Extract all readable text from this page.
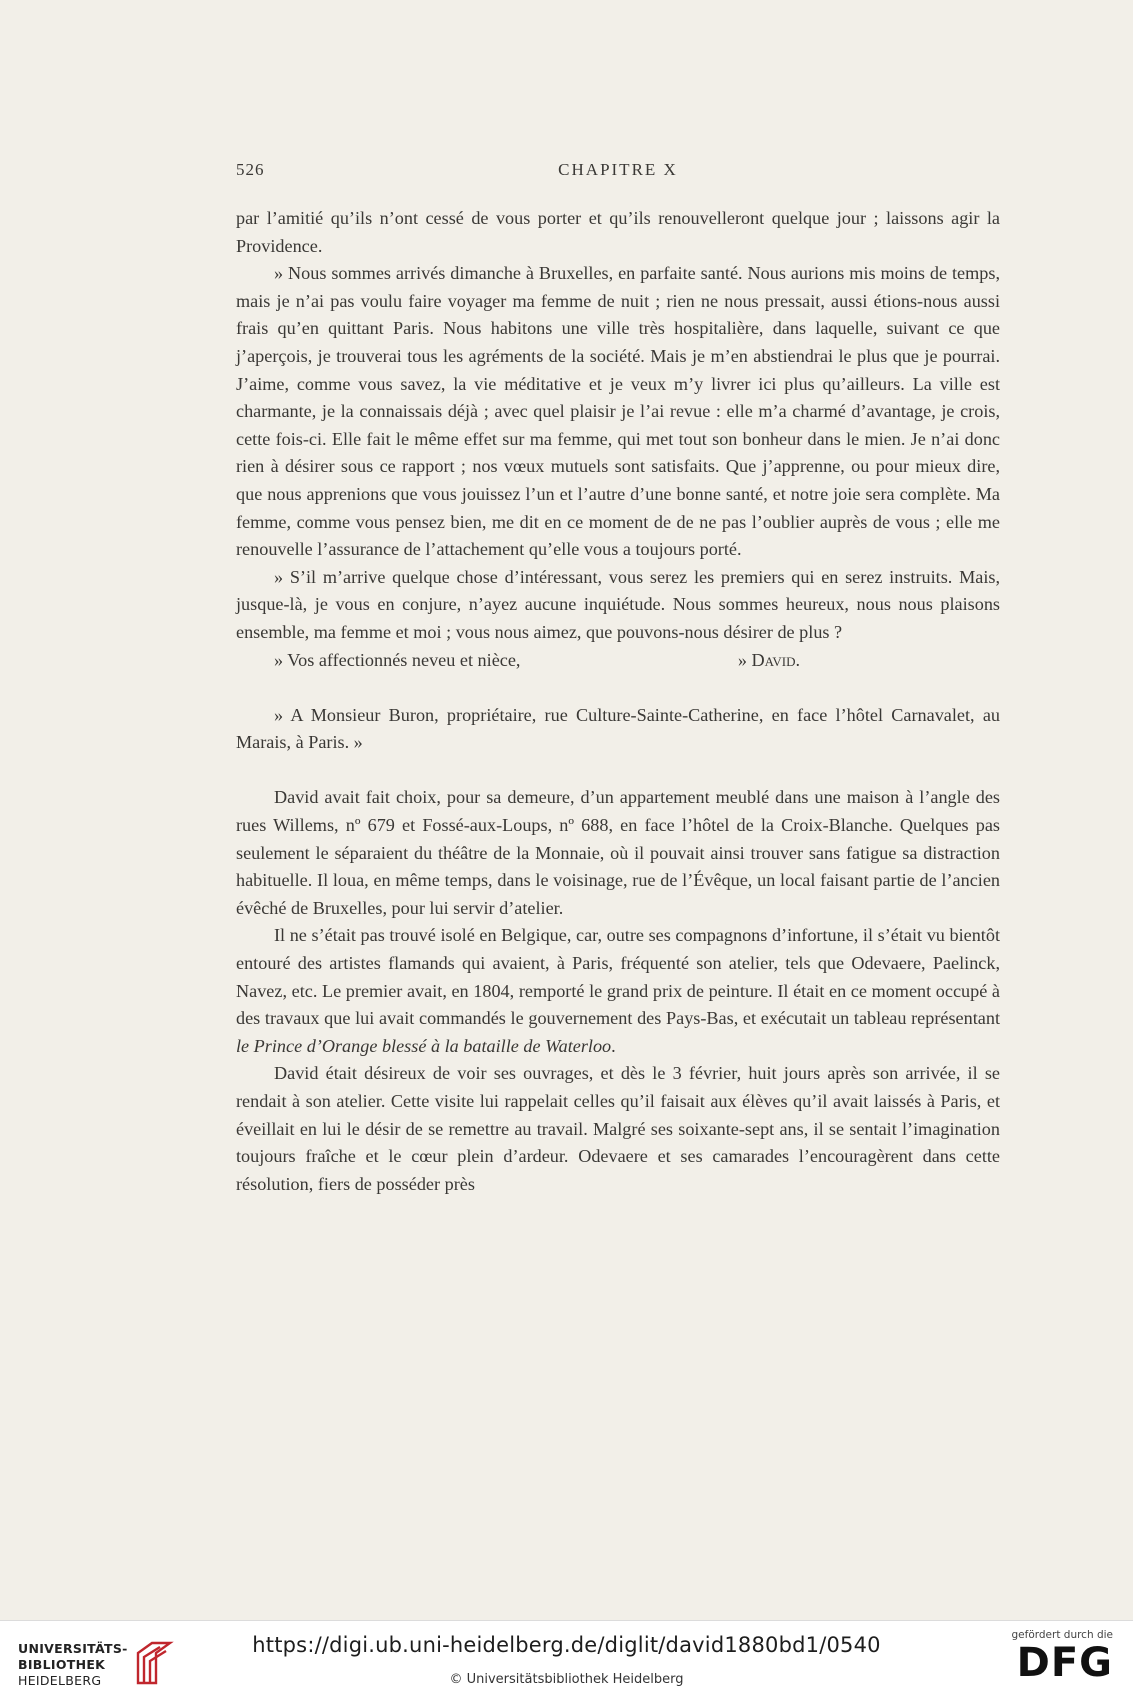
526	CHAPITRE X

par l’amitié qu’ils n’ont cessé de vous porter et qu’ils renouvelleront quelque jour ; laissons agir la Providence.

» Nous sommes arrivés dimanche à Bruxelles, en parfaite santé. Nous aurions mis moins de temps, mais je n’ai pas voulu faire voyager ma femme de nuit ; rien ne nous pressait, aussi étions-nous aussi frais qu’en quittant Paris. Nous habitons une ville très hospitalière, dans laquelle, suivant ce que j’aperçois, je trouverai tous les agréments de la société. Mais je m’en abstiendrai le plus que je pourrai. J’aime, comme vous savez, la vie méditative et je veux m’y livrer ici plus qu’ailleurs. La ville est charmante, je la connaissais déjà ; avec quel plaisir je l’ai revue : elle m’a charmé d’avantage, je crois, cette fois-ci. Elle fait le même effet sur ma femme, qui met tout son bonheur dans le mien. Je n’ai donc rien à désirer sous ce rapport ; nos vœux mutuels sont satisfaits. Que j’apprenne, ou pour mieux dire, que nous apprenions que vous jouissez l’un et l’autre d’une bonne santé, et notre joie sera complète. Ma femme, comme vous pensez bien, me dit en ce moment de de ne pas l’oublier auprès de vous ; elle me renouvelle l’assurance de l’attachement qu’elle vous a toujours porté.

» S’il m’arrive quelque chose d’intéressant, vous serez les premiers qui en serez instruits. Mais, jusque-là, je vous en conjure, n’ayez aucune inquiétude. Nous sommes heureux, nous nous plaisons ensemble, ma femme et moi ; vous nous aimez, que pouvons-nous désirer de plus ?

» Vos affectionnés neveu et nièce,	» David.

» A Monsieur Buron, propriétaire, rue Culture-Sainte-Catherine, en face l’hôtel Carnavalet, au Marais, à Paris. »

David avait fait choix, pour sa demeure, d’un appartement meublé dans une maison à l’angle des rues Willems, nº 679 et Fossé-aux-Loups, nº 688, en face l’hôtel de la Croix-Blanche. Quelques pas seulement le séparaient du théâtre de la Monnaie, où il pouvait ainsi trouver sans fatigue sa distraction habituelle. Il loua, en même temps, dans le voisinage, rue de l’Évêque, un local faisant partie de l’ancien évêché de Bruxelles, pour lui servir d’atelier.

Il ne s’était pas trouvé isolé en Belgique, car, outre ses compagnons d’infortune, il s’était vu bientôt entouré des artistes flamands qui avaient, à Paris, fréquenté son atelier, tels que Odevaere, Paelinck, Navez, etc. Le premier avait, en 1804, remporté le grand prix de peinture. Il était en ce moment occupé à des travaux que lui avait commandés le gouvernement des Pays-Bas, et exécutait un tableau représentant le Prince d’Orange blessé à la bataille de Waterloo.

David était désireux de voir ses ouvrages, et dès le 3 février, huit jours après son arrivée, il se rendait à son atelier. Cette visite lui rappelait celles qu’il faisait aux élèves qu’il avait laissés à Paris, et éveillait en lui le désir de se remettre au travail. Malgré ses soixante-sept ans, il se sentait l’imagination toujours fraîche et le cœur plein d’ardeur. Odevaere et ses camarades l’encouragèrent dans cette résolution, fiers de posséder près

UNIVERSITÄTS-
BIBLIOTHEK
HEIDELBERG
https://digi.ub.uni-heidelberg.de/diglit/david1880bd1/0540
© Universitätsbibliothek Heidelberg
gefördert durch die
DFG
